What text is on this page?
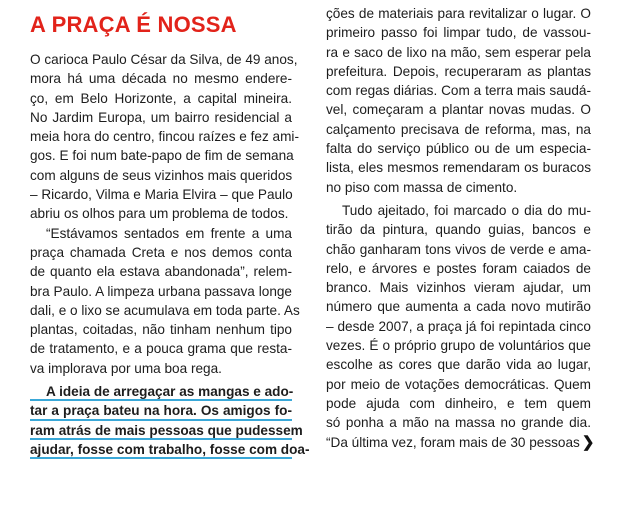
A PRAÇA É NOSSA
O carioca Paulo César da Silva, de 49 anos,
mora há uma década no mesmo endere-
ço, em Belo Horizonte, a capital mineira.
No Jardim Europa, um bairro residencial a
meia hora do centro, fincou raízes e fez ami-
gos. E foi num bate-papo de fim de semana
com alguns de seus vizinhos mais queridos
– Ricardo, Vilma e Maria Elvira – que Paulo
abriu os olhos para um problema de todos.
“Estávamos sentados em frente a uma
praça chamada Creta e nos demos conta
de quanto ela estava abandonada”, relem-
bra Paulo. A limpeza urbana passava longe
dali, e o lixo se acumulava em toda parte. As
plantas, coitadas, não tinham nenhum tipo
de tratamento, e a pouca grama que resta-
va implorava por uma boa rega.
A ideia de arregaçar as mangas e ado-
tar a praça bateu na hora. Os amigos fo-
ram atrás de mais pessoas que pudessem
ajudar, fosse com trabalho, fosse com doa-
ções de materiais para revitalizar o lugar. O
primeiro passo foi limpar tudo, de vassou-
ra e saco de lixo na mão, sem esperar pela
prefeitura. Depois, recuperaram as plantas
com regas diárias. Com a terra mais saudá-
vel, começaram a plantar novas mudas. O
calçamento precisava de reforma, mas, na
falta do serviço público ou de um especia-
lista, eles mesmos remendaram os buracos
no piso com massa de cimento.
Tudo ajeitado, foi marcado o dia do mu-
tirão da pintura, quando guias, bancos e
chão ganharam tons vivos de verde e ama-
relo, e árvores e postes foram caiados de
branco. Mais vizinhos vieram ajudar, um
número que aumenta a cada novo mutirão
– desde 2007, a praça já foi repintada cinco
vezes. É o próprio grupo de voluntários que
escolhe as cores que darão vida ao lugar,
por meio de votações democráticas. Quem
pode ajuda com dinheiro, e tem quem
só ponha a mão na massa no grande dia.
“Da última vez, foram mais de 30 pessoas ❯
